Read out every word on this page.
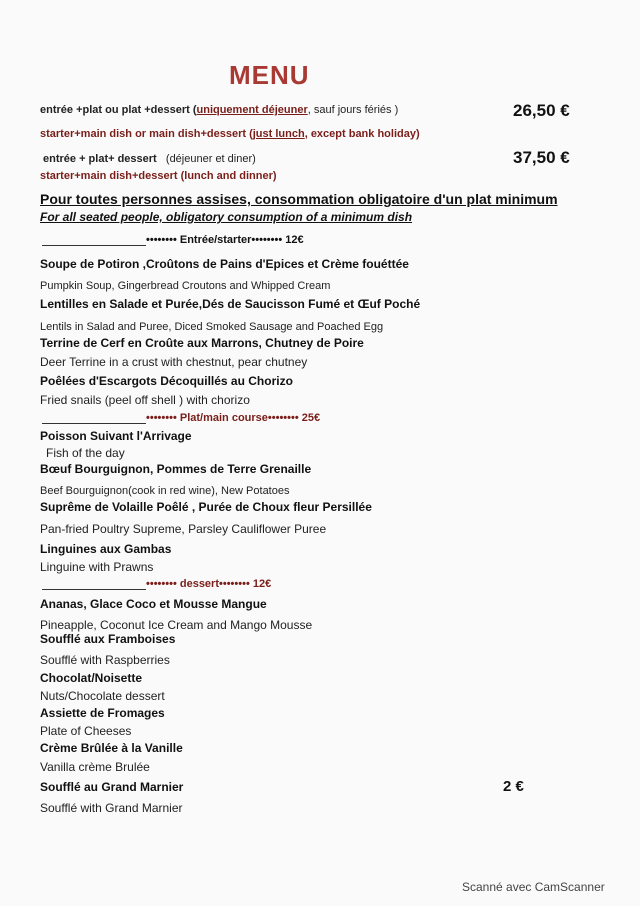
MENU
entrée +plat ou plat +dessert (uniquement déjeuner, sauf jours fériés )	26,50 €
starter+main dish or main dish+dessert (just lunch, except bank holiday)
entrée + plat+ dessert (déjeuner et diner)	37,50 €
starter+main dish+dessert (lunch and dinner)
Pour toutes personnes assises, consommation obligatoire d'un plat minimum
For all seated people, obligatory consumption of a minimum dish
•••••••• Entrée/starter•••••••• 12€
Soupe de Potiron ,Croûtons de Pains d'Epices et Crème fouéttée
Pumpkin Soup, Gingerbread Croutons and Whipped Cream
Lentilles en Salade et Purée,Dés de Saucisson Fumé et Œuf Poché
Lentils in Salad and Puree, Diced Smoked Sausage and Poached Egg
Terrine de Cerf en Croûte aux Marrons, Chutney de Poire
Deer Terrine in a crust with chestnut, pear chutney
Poêlées d'Escargots Décoquillés au Chorizo
Fried snails (peel off shell ) with chorizo
•••••••• Plat/main course•••••••• 25€
Poisson Suivant l'Arrivage
Fish of the day
Bœuf Bourguignon, Pommes de Terre Grenaille
Beef Bourguignon(cook in red wine), New Potatoes
Suprême de Volaille Poêlé , Purée de Choux fleur Persillée
Pan-fried Poultry Supreme, Parsley Cauliflower Puree
Linguines aux Gambas
Linguine with Prawns
•••••••• dessert•••••••• 12€
Ananas, Glace Coco et Mousse Mangue
Pineapple, Coconut Ice Cream and Mango Mousse
Soufflé aux Framboises
Soufflé with Raspberries
Chocolat/Noisette
Nuts/Chocolate dessert
Assiette de Fromages
Plate of Cheeses
Crème Brûlée à la Vanille
Vanilla crème Brulée
Soufflé au Grand Marnier
Soufflé with Grand Marnier
2 €
Scanné avec CamScanner
